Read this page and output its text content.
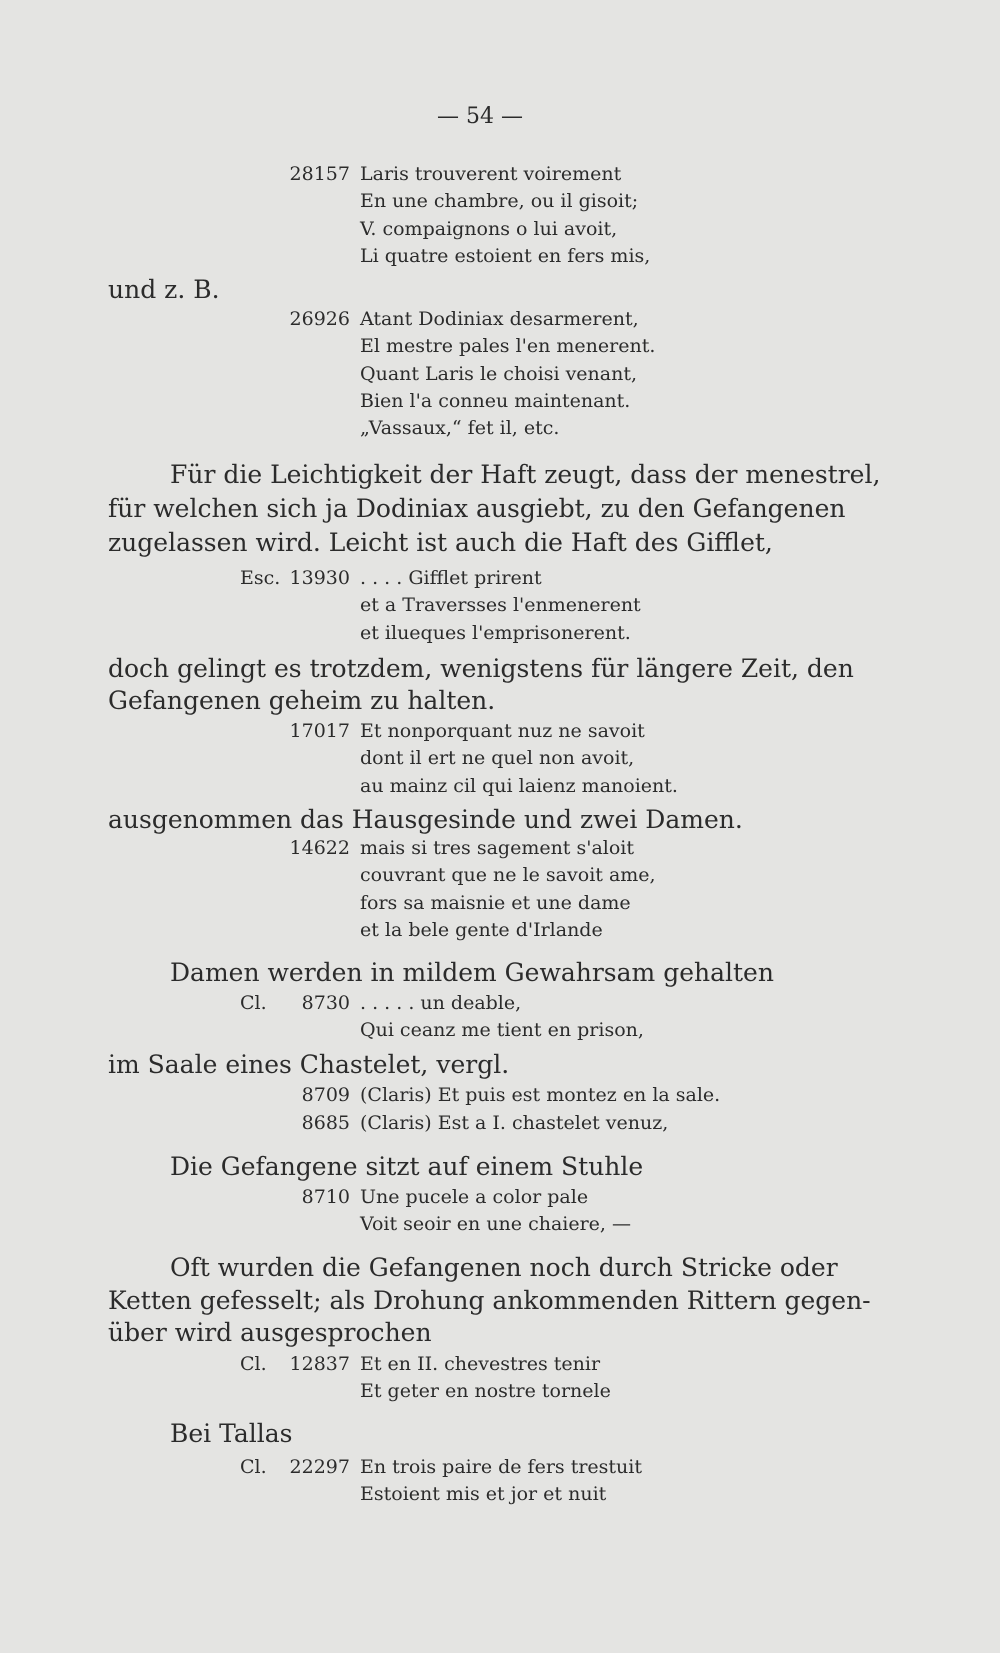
— 54 —
28157 Laris trouverent voirement
En une chambre, ou il gisoit;
V. compaignons o lui avoit,
Li quatre estoient en fers mis,
und z. B.
26926 Atant Dodiniax desarmerent,
El mestre pales l'en menerent.
Quant Laris le choisi venant,
Bien l'a conneu maintenant.
„Vassaux,“ fet il, etc.
Für die Leichtigkeit der Haft zeugt, dass der menestrel,
für welchen sich ja Dodiniax ausgiebt, zu den Gefangenen
zugelassen wird. Leicht ist auch die Haft des Gifflet,
Esc. 13930 . . . . Gifflet prirent
et a Traversses l'enmenerent
et ilueques l'emprisonerent.
doch gelingt es trotzdem, wenigstens für längere Zeit, den
Gefangenen geheim zu halten.
17017 Et nonporquant nuz ne savoit
dont il ert ne quel non avoit,
au mainz cil qui laienz manoient.
ausgenommen das Hausgesinde und zwei Damen.
14622 mais si tres sagement s'aloit
couvrant que ne le savoit ame,
fors sa maisnie et une dame
et la bele gente d'Irlande
Damen werden in mildem Gewahrsam gehalten
Cl.	8730 . . . . . un deable,
Qui ceanz me tient en prison,
im Saale eines Chastelet, vergl.
8709 (Claris) Et puis est montez en la sale.
8685 (Claris) Est a I. chastelet venuz,
Die Gefangene sitzt auf einem Stuhle
8710 Une pucele a color pale
Voit seoir en une chaiere, —
Oft wurden die Gefangenen noch durch Stricke oder
Ketten gefesselt; als Drohung ankommenden Rittern gegen-
über wird ausgesprochen
Cl.	12837 Et en II. chevestres tenir
Et geter en nostre tornele
Bei Tallas
Cl.	22297 En trois paire de fers trestuit
Estoient mis et jor et nuit
